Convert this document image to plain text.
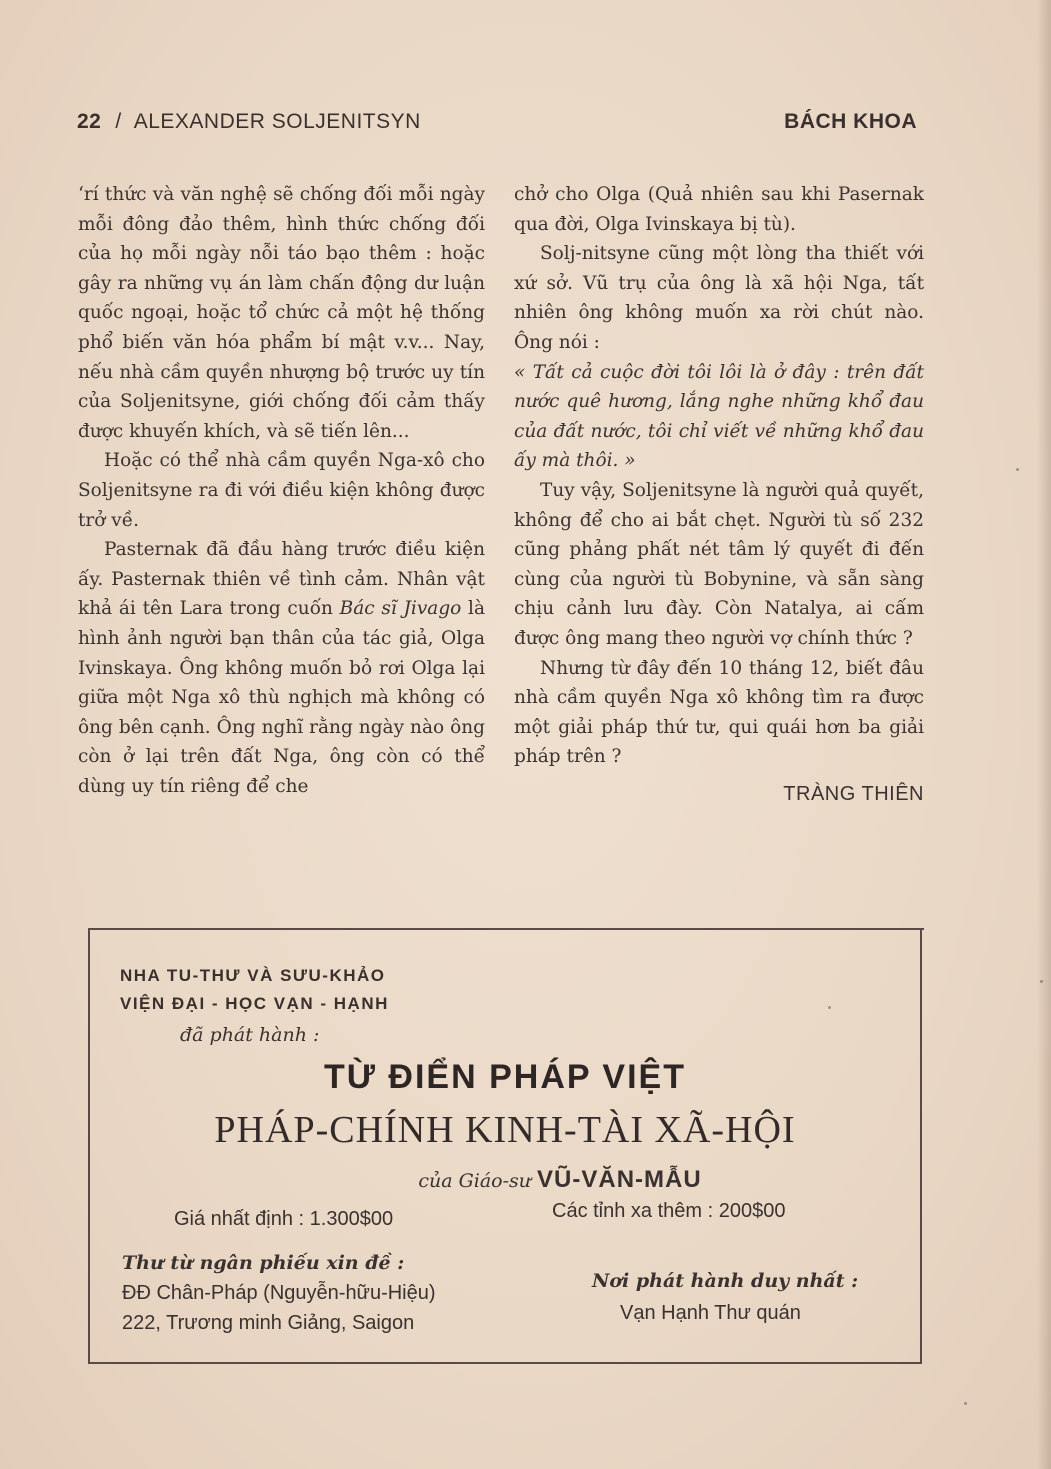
22 / ALEXANDER SOLJENITSYN	BÁCH KHOA

‘rí thức và văn nghệ sẽ chống đối mỗi ngày mỗi đông đảo thêm, hình thức chống đối của họ mỗi ngày nỗi táo bạo thêm : hoặc gây ra những vụ án làm chấn động dư luận quốc ngoại, hoặc tổ chức cả một hệ thống phổ biến văn hóa phẩm bí mật v.v... Nay, nếu nhà cầm quyền nhượng bộ trước uy tín của Soljenitsyne, giới chống đối cảm thấy được khuyến khích, và sẽ tiến lên...

Hoặc có thể nhà cầm quyền Nga-xô cho Soljenitsyne ra đi với điều kiện không được trở về.

Pasternak đã đầu hàng trước điều kiện ấy. Pasternak thiên về tình cảm. Nhân vật khả ái tên Lara trong cuốn Bác sĩ Jivago là hình ảnh người bạn thân của tác giả, Olga Ivinskaya. Ông không muốn bỏ rơi Olga lại giữa một Nga xô thù nghịch mà không có ông bên cạnh. Ông nghĩ rằng ngày nào ông còn ở lại trên đất Nga, ông còn có thể dùng uy tín riêng để che

chở cho Olga (Quả nhiên sau khi Pasernak qua đời, Olga Ivinskaya bị tù).

Solj-nitsyne cũng một lòng tha thiết với xứ sở. Vũ trụ của ông là xã hội Nga, tất nhiên ông không muốn xa rời chút nào. Ông nói :

« Tất cả cuộc đời tôi lôi là ở đây : trên đất nước quê hương, lắng nghe những khổ đau của đất nước, tôi chỉ viết về những khổ đau ấy mà thôi. »

Tuy vậy, Soljenitsyne là người quả quyết, không để cho ai bắt chẹt. Người tù số 232 cũng phảng phất nét tâm lý quyết đi đến cùng của người tù Bobynine, và sẵn sàng chịu cảnh lưu đày. Còn Natalya, ai cấm được ông mang theo người vợ chính thức ?

Nhưng từ đây đến 10 tháng 12, biết đâu nhà cầm quyền Nga xô không tìm ra được một giải pháp thứ tư, qui quái hơn ba giải pháp trên ?

TRÀNG THIÊN

NHA TU-THƯ VÀ SƯU-KHẢO
VIỆN ĐẠI - HỌC VẠN - HẠNH
đã phát hành :
TỪ ĐIỂN PHÁP VIỆT
PHÁP-CHÍNH KINH-TÀI XÃ-HỘI
của Giáo-sư VŨ-VĂN-MẪU
Giá nhất định : 1.300$00	Các tỉnh xa thêm : 200$00
Thư từ ngân phiếu xin đề :
ĐĐ Chân-Pháp (Nguyễn-hữu-Hiệu)
222, Trương minh Giảng, Saigon
Nơi phát hành duy nhất :
Vạn Hạnh Thư quán
